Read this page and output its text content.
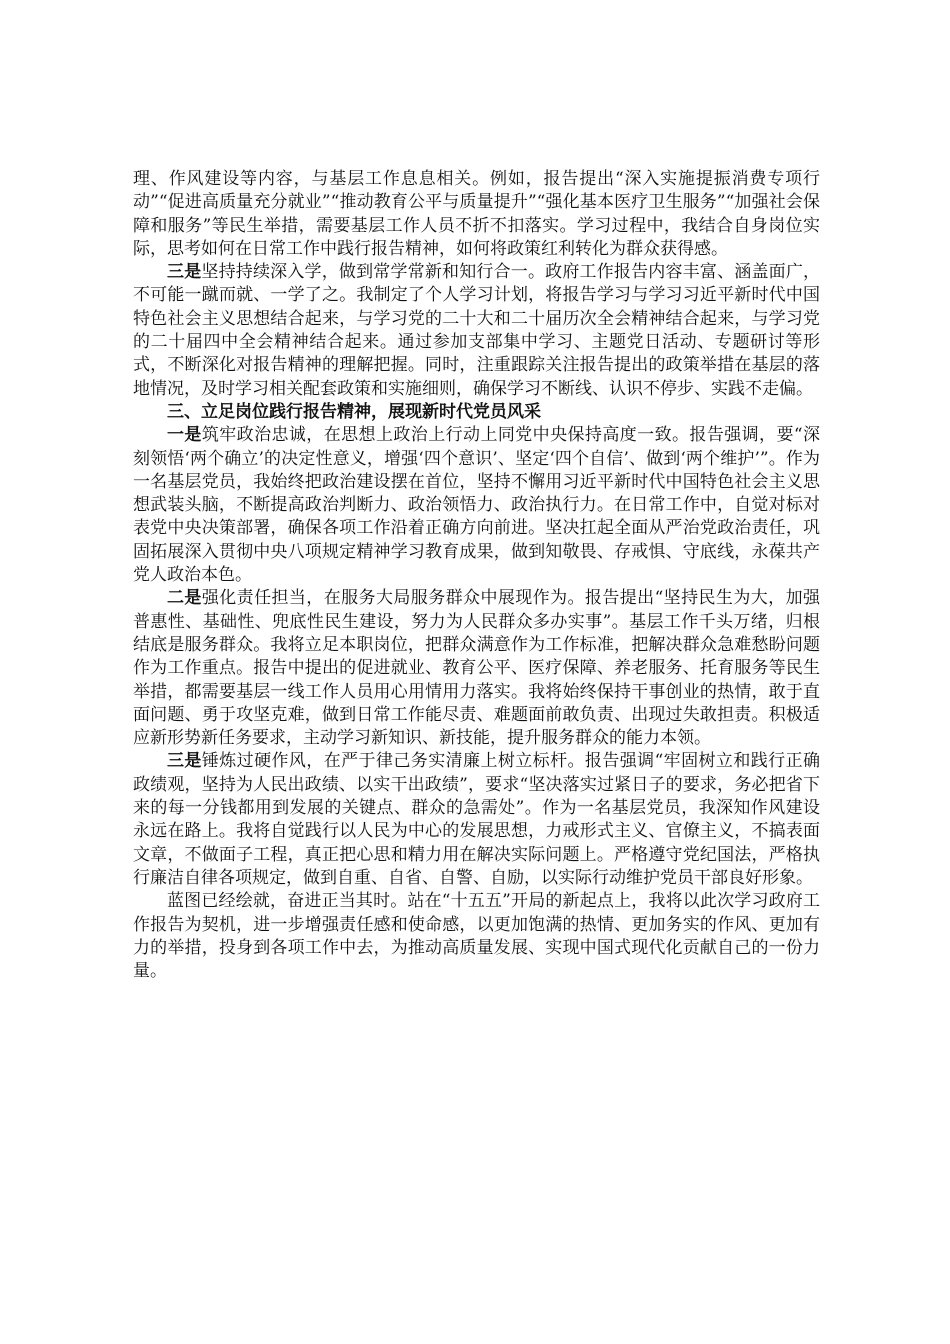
理、作风建设等内容，与基层工作息息相关。例如，报告提出“深入实施提振消费专项行动”“促进高质量充分就业”“推动教育公平与质量提升”“强化基本医疗卫生服务”“加强社会保障和服务”等民生举措，需要基层工作人员不折不扣落实。学习过程中，我结合自身岗位实际，思考如何在日常工作中践行报告精神，如何将政策红利转化为群众获得感。

三是坚持持续深入学，做到常学常新和知行合一。政府工作报告内容丰富、涵盖面广，不可能一蹴而就、一学了之。我制定了个人学习计划，将报告学习与学习习近平新时代中国特色社会主义思想结合起来，与学习党的二十大和二十届历次全会精神结合起来，与学习党的二十届四中全会精神结合起来。通过参加支部集中学习、主题党日活动、专题研讨等形式，不断深化对报告精神的理解把握。同时，注重跟踪关注报告提出的政策举措在基层的落地情况，及时学习相关配套政策和实施细则，确保学习不断线、认识不停步、实践不走偏。

三、立足岗位践行报告精神，展现新时代党员风采

一是筑牢政治忠诚，在思想上政治上行动上同党中央保持高度一致。报告强调，要“深刻领悟‘两个确立’的决定性意义，增强‘四个意识’、坚定‘四个自信’、做到‘两个维护’”。作为一名基层党员，我始终把政治建设摆在首位，坚持不懈用习近平新时代中国特色社会主义思想武装头脑，不断提高政治判断力、政治领悟力、政治执行力。在日常工作中，自觉对标对表党中央决策部署，确保各项工作沿着正确方向前进。坚决扛起全面从严治党政治责任，巩固拓展深入贯彻中央八项规定精神学习教育成果，做到知敬畏、存戒惧、守底线，永葆共产党人政治本色。

二是强化责任担当，在服务大局服务群众中展现作为。报告提出“坚持民生为大，加强普惠性、基础性、兜底性民生建设，努力为人民群众多办实事”。基层工作千头万绪，归根结底是服务群众。我将立足本职岗位，把群众满意作为工作标准，把解决群众急难愁盼问题作为工作重点。报告中提出的促进就业、教育公平、医疗保障、养老服务、托育服务等民生举措，都需要基层一线工作人员用心用情用力落实。我将始终保持干事创业的热情，敢于直面问题、勇于攻坚克难，做到日常工作能尽责、难题面前敢负责、出现过失敢担责。积极适应新形势新任务要求，主动学习新知识、新技能，提升服务群众的能力本领。

三是锤炼过硬作风，在严于律己务实清廉上树立标杆。报告强调“牢固树立和践行正确政绩观，坚持为人民出政绩、以实干出政绩”，要求“坚决落实过紧日子的要求，务必把省下来的每一分钱都用到发展的关键点、群众的急需处”。作为一名基层党员，我深知作风建设永远在路上。我将自觉践行以人民为中心的发展思想，力戒形式主义、官僚主义，不搞表面文章，不做面子工程，真正把心思和精力用在解决实际问题上。严格遵守党纪国法，严格执行廉洁自律各项规定，做到自重、自省、自警、自励，以实际行动维护党员干部良好形象。

蓝图已经绘就，奋进正当其时。站在“十五五”开局的新起点上，我将以此次学习政府工作报告为契机，进一步增强责任感和使命感，以更加饱满的热情、更加务实的作风、更加有力的举措，投身到各项工作中去，为推动高质量发展、实现中国式现代化贡献自己的一份力量。
